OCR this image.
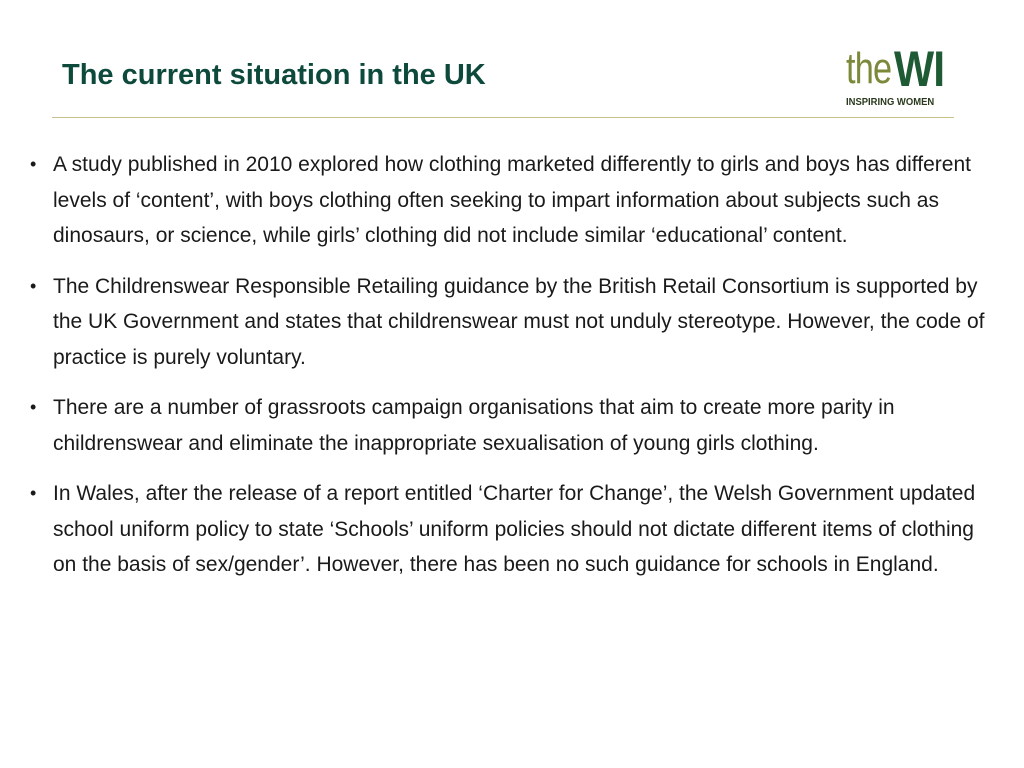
The current situation in the UK	the WI
INSPIRING WOMEN
• A study published in 2010 explored how clothing marketed differently to girls and boys has different levels of ‘content’, with boys clothing often seeking to impart information about subjects such as dinosaurs, or science, while girls’ clothing did not include similar ‘educational’ content.
• The Childrenswear Responsible Retailing guidance by the British Retail Consortium is supported by the UK Government and states that childrenswear must not unduly stereotype. However, the code of practice is purely voluntary.
• There are a number of grassroots campaign organisations that aim to create more parity in childrenswear and eliminate the inappropriate sexualisation of young girls clothing.
• In Wales, after the release of a report entitled ‘Charter for Change’, the Welsh Government updated school uniform policy to state ‘Schools’ uniform policies should not dictate different items of clothing on the basis of sex/gender’. However, there has been no such guidance for schools in England.
